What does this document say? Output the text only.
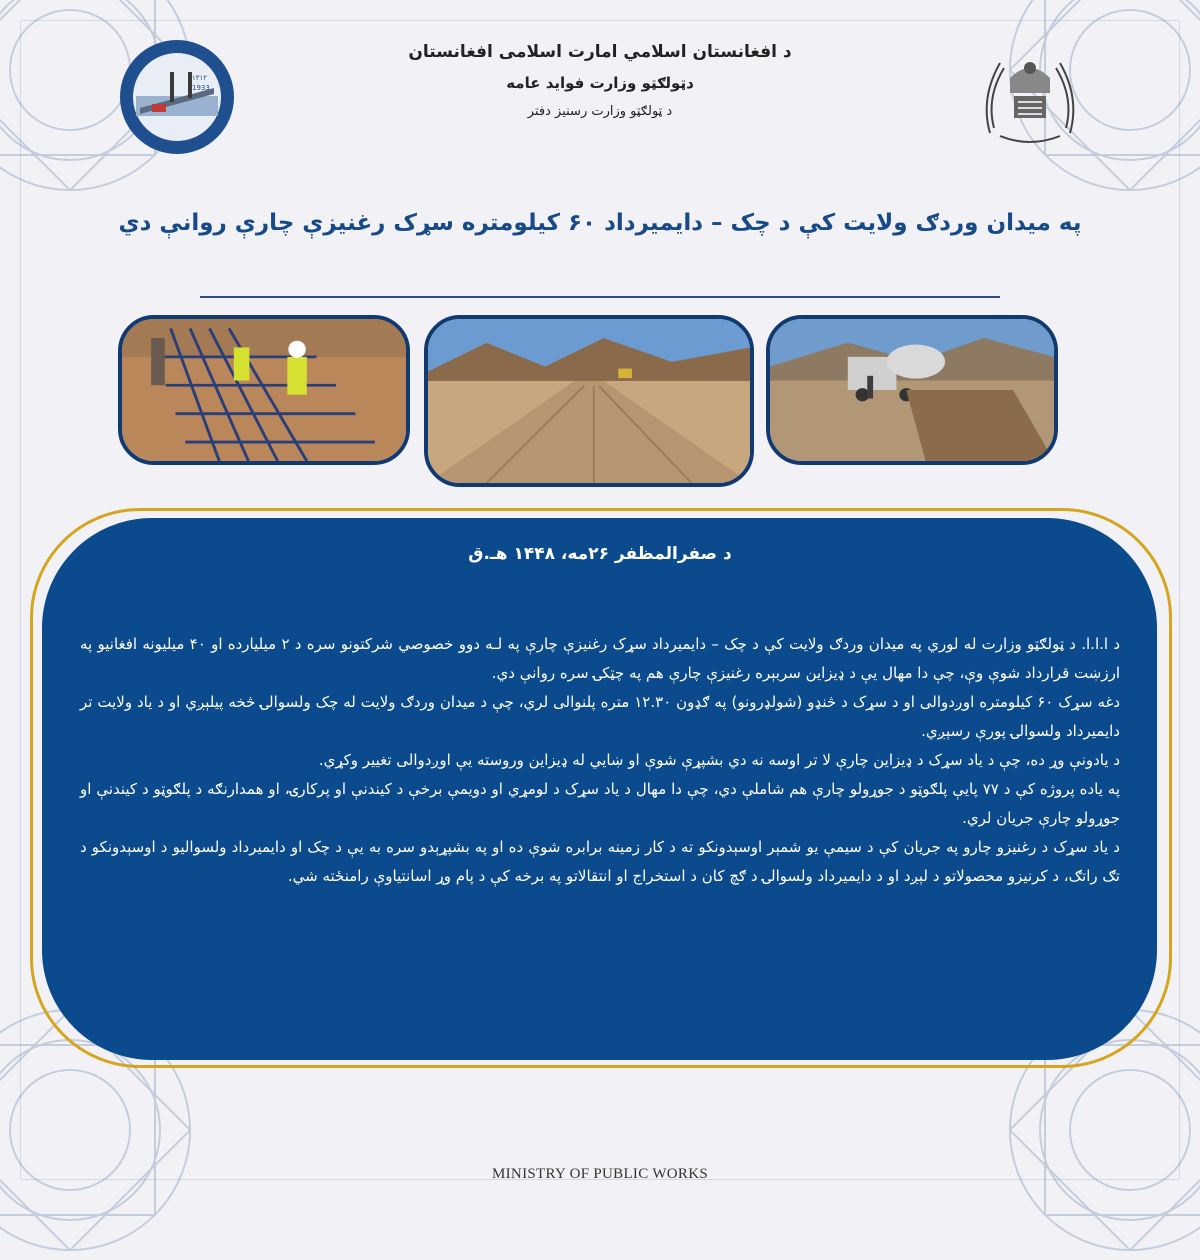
۱۳۱۲
1933
د افغانستان اسلامي امارت اسلامی افغانستان
دټولګټو وزارت فواید عامه
د ټولګټو وزارت رسنيز دفتر
په میدان وردګ ولایت کې د چک – دایمیرداد ۶۰ کیلومتره سړک رغنیزې چارې روانې دي
د صفرالمظفر ۲۶مه، ۱۴۴۸ هـ.ق

د ا.ا.ا. د ټولګټو وزارت له لوري په میدان وردګ ولایت کې د چک – دایمیرداد سړک رغنیزې چارې په لـه دوو خصوصي شرکتونو سره د ۲ میلیارده او ۴۰ میلیونه افغانیو په ارزښت قرارداد شوې وې، چې دا مهال یې د ډیزاین سربېره رغنیزې چارې هم په چټکۍ سره روانې دي.

دغه سړک ۶۰ کیلومتره اوږدوالی او د سړک د څنډو (شولډرونو) په ګډون ۱۲.۳۰ متره پلنوالی لري، چې د میدان وردګ ولایت له چک ولسوالۍ څخه پیلېږي او د یاد ولایت تر دایمیرداد ولسوالۍ پورې رسېږي.

د یادونې وړ ده، چې د یاد سړک د ډیزاین چارې لا تر اوسه نه دي بشپړې شوې او ښايي له ډیزاین وروسته یې اوږدوالی تغییر وکړي.

په یاده پروژه کې د ۷۷ پایې پلګوټو د جوړولو چارې هم شاملې دي، چې دا مهال د یاد سړک د لومړي او دویمې برخې د کیندنې او پرکارۍ، او همدارنګه د پلګوټو د کیندنې او جوړولو چارې جریان لري.

د یاد سړک د رغنیزو چارو په جریان کې د سیمې یو شمېر اوسېدونکو ته د کار زمینه برابره شوې ده او په بشپړېدو سره به یې د چک او دایمیرداد ولسوالیو د اوسېدونکو د تګ راتګ، د کرنیزو محصولاتو د لېږد او د دایمیرداد ولسوالۍ د ګچ کان د استخراج او انتقالاتو په برخه کې د پام وړ اسانتیاوې رامنځته شي.

MINISTRY OF PUBLIC WORKS
